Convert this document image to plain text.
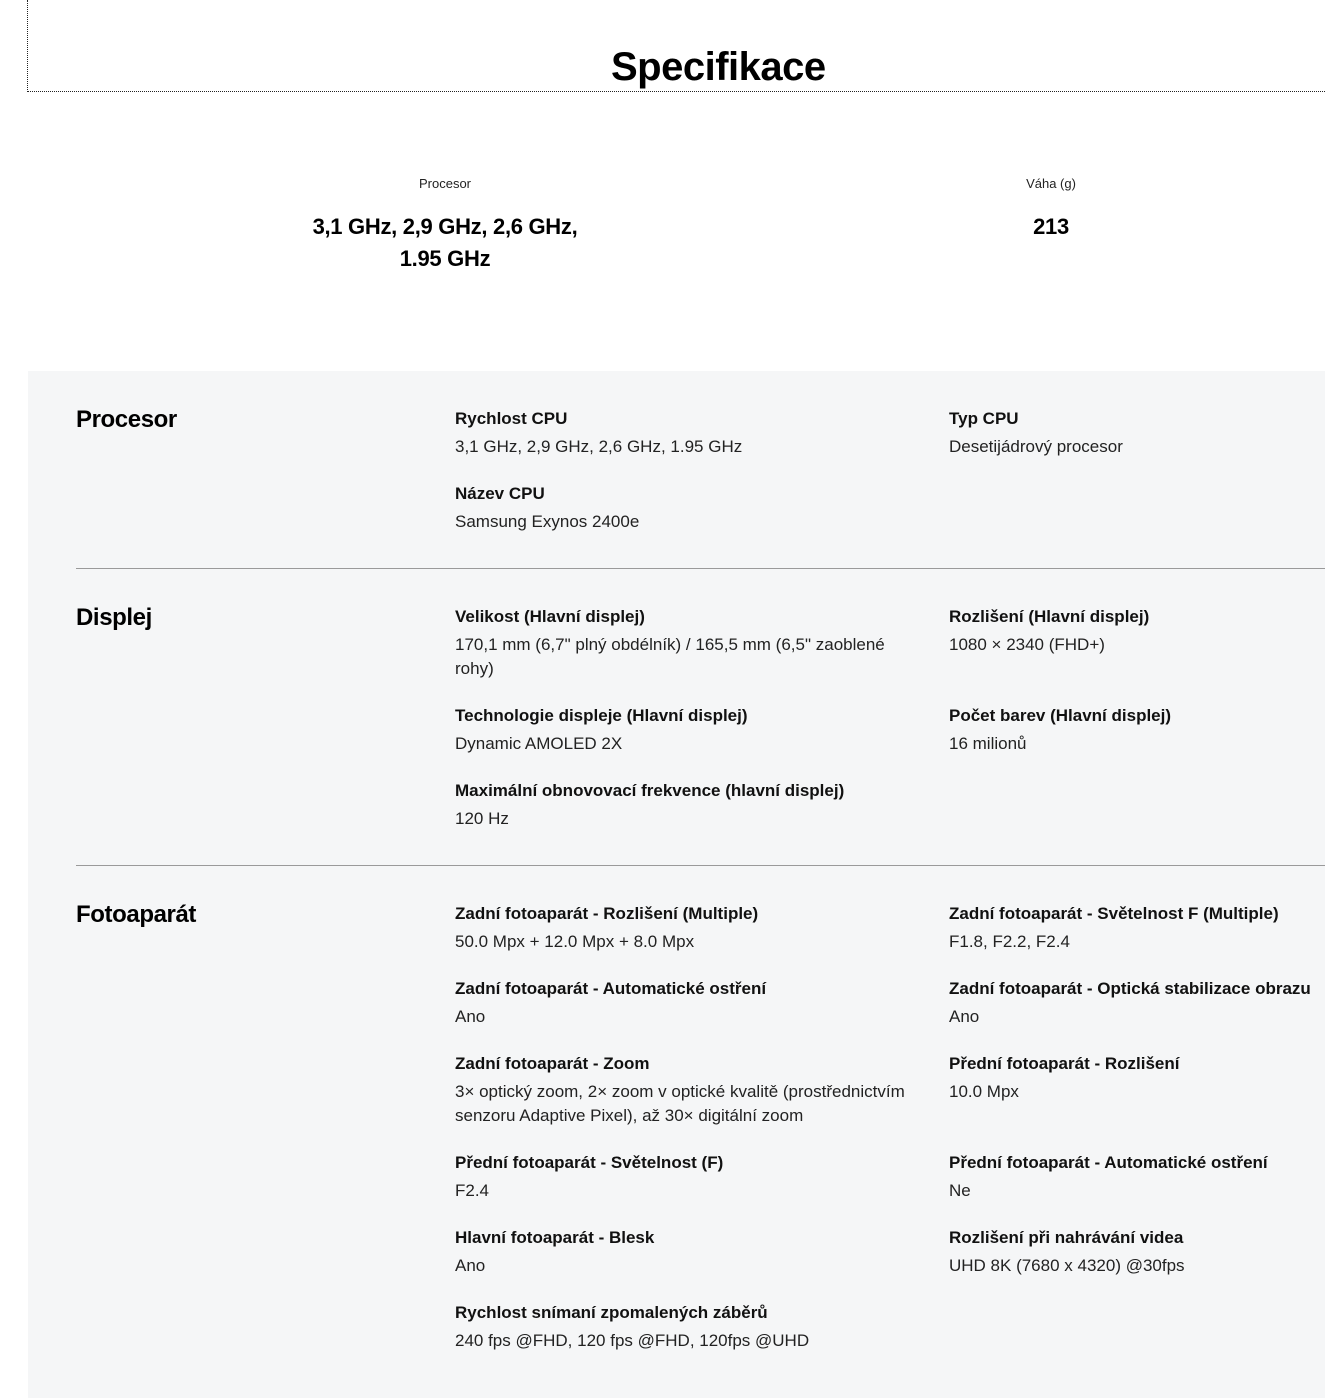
Specifikace
Procesor
3,1 GHz, 2,9 GHz, 2,6 GHz, 1.95 GHz
Váha (g)
213
Procesor	Rychlost CPU
3,1 GHz, 2,9 GHz, 2,6 GHz, 1.95 GHz
Typ CPU
Desetijádrový procesor
Název CPU
Samsung Exynos 2400e
Displej	Velikost (Hlavní displej)
170,1 mm (6,7" plný obdélník) / 165,5 mm (6,5" zaoblené rohy)
Rozlišení (Hlavní displej)
1080 × 2340 (FHD+)
Technologie displeje (Hlavní displej)
Dynamic AMOLED 2X
Počet barev (Hlavní displej)
16 milionů
Maximální obnovovací frekvence (hlavní displej)
120 Hz
Fotoaparát	Zadní fotoaparát - Rozlišení (Multiple)
50.0 Mpx + 12.0 Mpx + 8.0 Mpx
Zadní fotoaparát - Světelnost F (Multiple)
F1.8, F2.2, F2.4
Zadní fotoaparát - Automatické ostření
Ano
Zadní fotoaparát - Optická stabilizace obrazu
Ano
Zadní fotoaparát - Zoom
3× optický zoom, 2× zoom v optické kvalitě (prostřednictvím senzoru Adaptive Pixel), až 30× digitální zoom
Přední fotoaparát - Rozlišení
10.0 Mpx
Přední fotoaparát - Světelnost (F)
F2.4
Přední fotoaparát - Automatické ostření
Ne
Hlavní fotoaparát - Blesk
Ano
Rozlišení při nahrávání videa
UHD 8K (7680 x 4320) @30fps
Rychlost snímaní zpomalených záběrů
240 fps @FHD, 120 fps @FHD, 120fps @UHD
